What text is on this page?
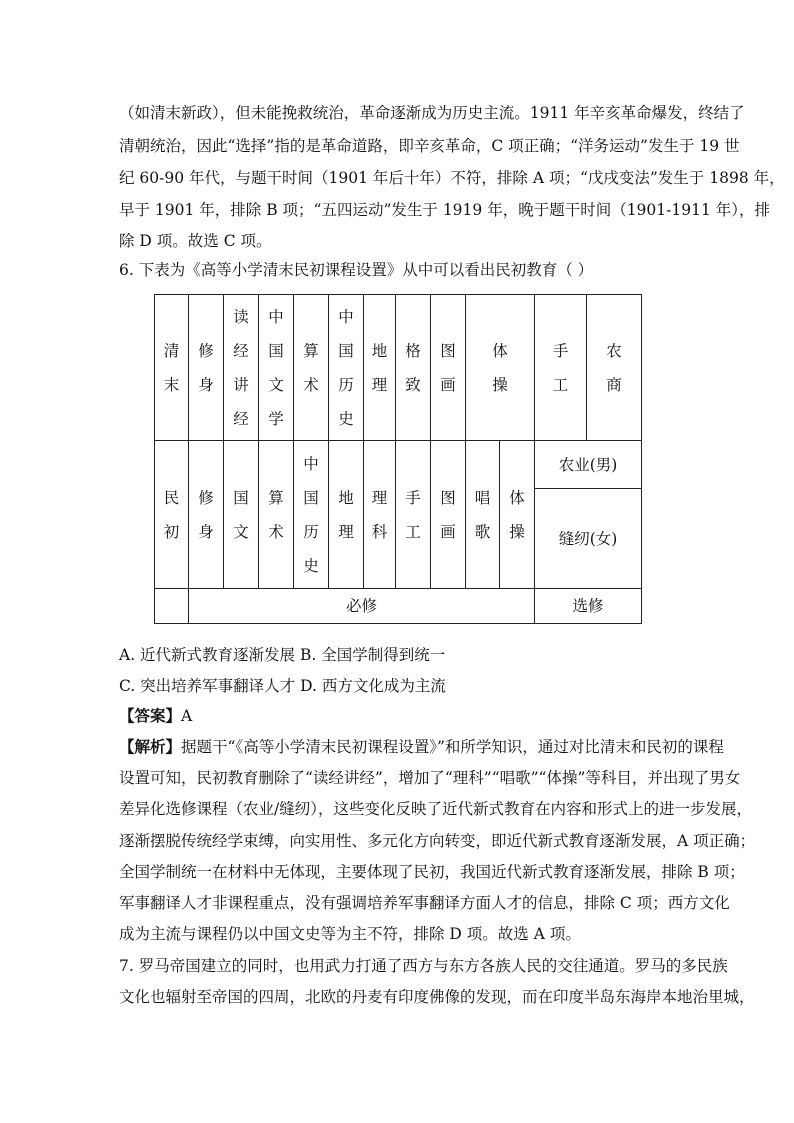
（如清末新政），但未能挽救统治，革命逐渐成为历史主流。1911 年辛亥革命爆发，终结了
清朝统治，因此“选择”指的是革命道路，即辛亥革命，C 项正确；“洋务运动”发生于 19 世
纪 60-90 年代，与题干时间（1901 年后十年）不符，排除 A 项；“戊戌变法”发生于 1898 年，
早于 1901 年，排除 B 项；“五四运动”发生于 1919 年，晚于题干时间（1901-1911 年），排
除 D 项。故选 C 项。
6. 下表为《高等小学清末民初课程设置》从中可以看出民初教育（ ）
清末	修身	读经讲经	中国文学	算术	中国历史	地理	格致	图画	体操		手工	农商
民初	修身	国文	算术	中国历史	地理	理科	手工	图画	唱歌	体操	农业(男)	
											缝纫(女)	
	必修										选修	
A. 近代新式教育逐渐发展 B. 全国学制得到统一
C. 突出培养军事翻译人才 D. 西方文化成为主流
【答案】A
【解析】据题干“《高等小学清末民初课程设置》”和所学知识，通过对比清末和民初的课程
设置可知，民初教育删除了“读经讲经”，增加了“理科”“唱歌”“体操”等科目，并出现了男女
差异化选修课程（农业/缝纫），这些变化反映了近代新式教育在内容和形式上的进一步发展，
逐渐摆脱传统经学束缚，向实用性、多元化方向转变，即近代新式教育逐渐发展，A 项正确；
全国学制统一在材料中无体现，主要体现了民初，我国近代新式教育逐渐发展，排除 B 项；
军事翻译人才非课程重点，没有强调培养军事翻译方面人才的信息，排除 C 项；西方文化
成为主流与课程仍以中国文史等为主不符，排除 D 项。故选 A 项。
7. 罗马帝国建立的同时，也用武力打通了西方与东方各族人民的交往通道。罗马的多民族
文化也辐射至帝国的四周，北欧的丹麦有印度佛像的发现，而在印度半岛东海岸本地治里城，
